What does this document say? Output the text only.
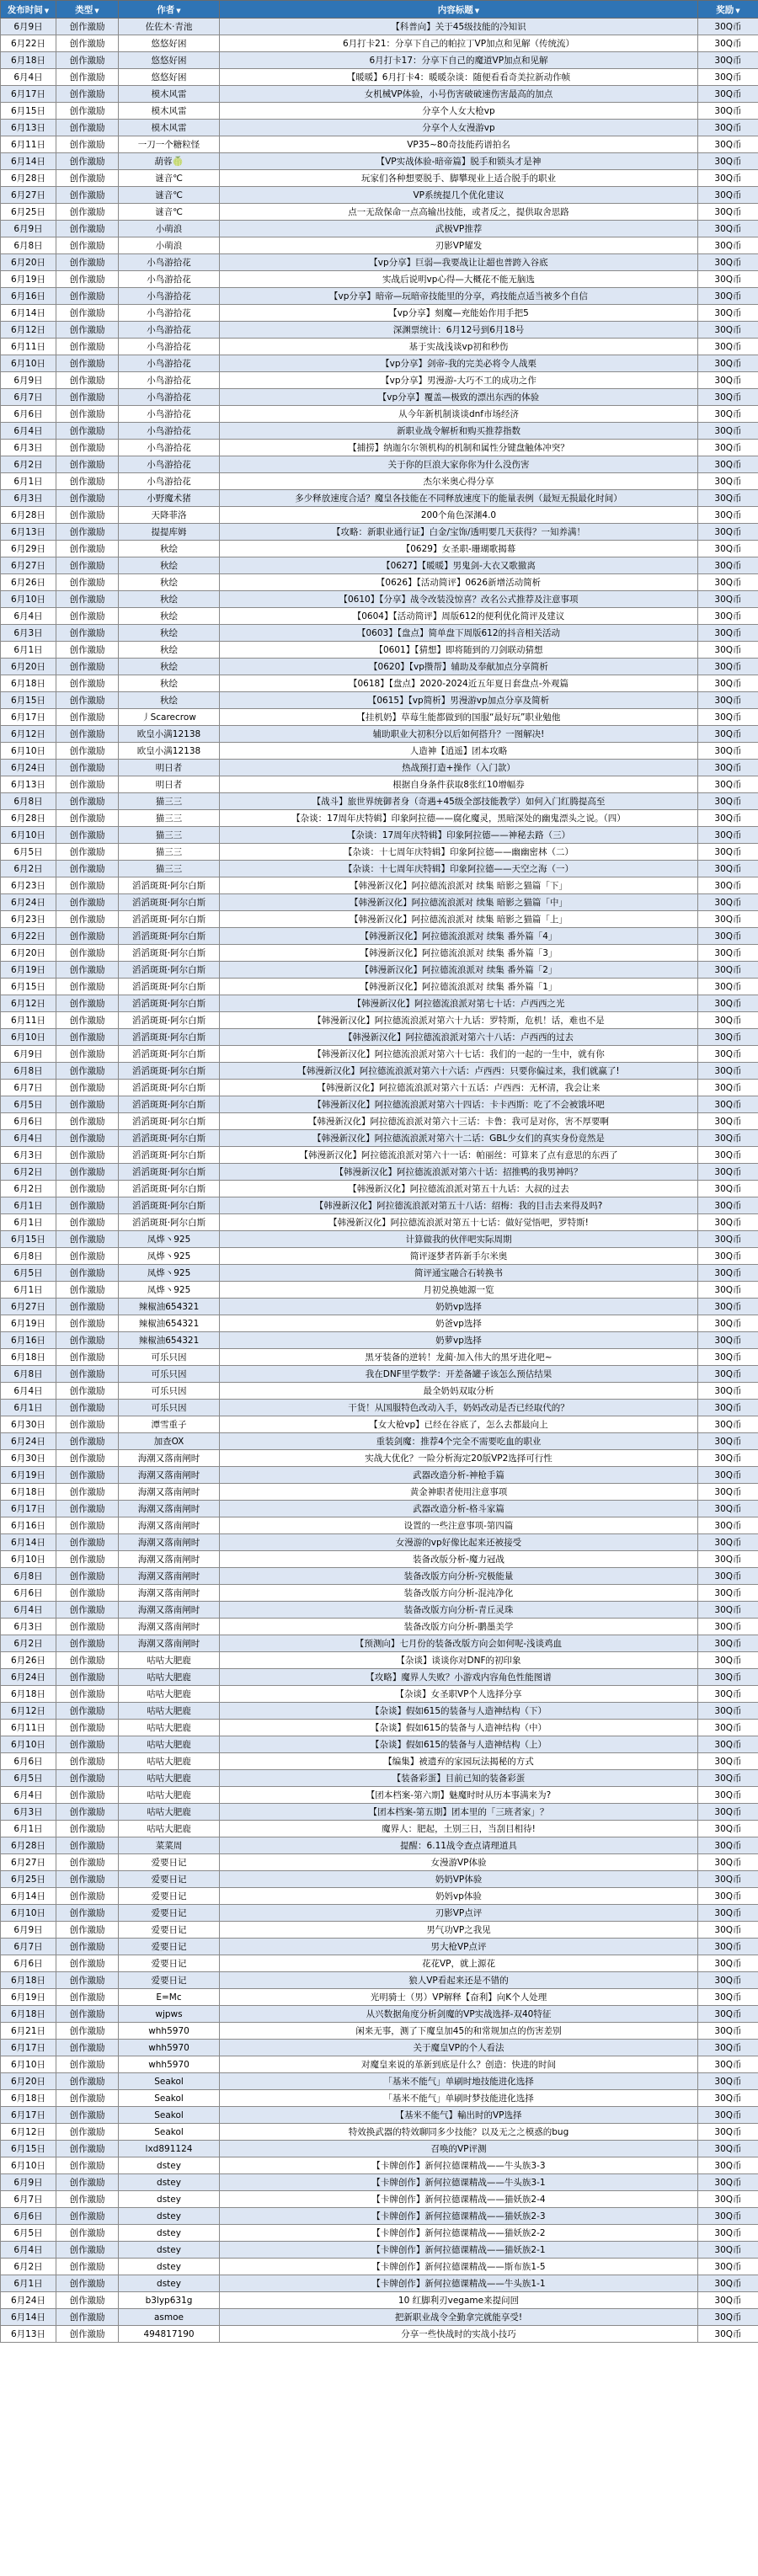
发布时间 ▼	类型 ▼	作者 ▼	内容标题 ▼	奖励 ▼
6月9日	创作激励	佐佐木·青池	【科普向】关于45级技能的冷知识	30Q币
6月22日	创作激励	悠悠好困	6月打卡21：分享下自己的帕拉丁VP加点和见解（传统流）	30Q币
6月18日	创作激励	悠悠好困	6月打卡17：分享下自己的魔道VP加点和见解	30Q币
6月4日	创作激励	悠悠好困	【暖暖】6月打卡4：暖暖杂谈：随便看看奇美拉新动作帧	30Q币
6月17日	创作激励	模木风雷	女机械VP体验，小号伤害破破速伤害最高的加点	30Q币
6月15日	创作激励	模木风雷	分享个人女大枪vp	30Q币
6月13日	创作激励	模木风雷	分享个人女漫游vp	30Q币
6月11日	创作激励	一刀一个糖粒怪	VP35~80奇技能药谱拍名	30Q币
6月14日	创作激励	葫蓉🍈	【VP实战体验-暗帝篇】脱手和锁头才是神	30Q币
6月28日	创作激励	谜音℃	玩家们各种想要脱手、脚攀现业上适合脱手的职业	30Q币
6月27日	创作激励	谜音℃	VP系统提几个优化建议	30Q币
6月25日	创作激励	谜音℃	点一无敌保命一点高输出技能，或者反之，提供取舍思路	30Q币
6月9日	创作激励	小萌浪	武极VP推荐	30Q币
6月8日	创作激励	小萌浪	刃影VP耀发	30Q币
6月20日	创作激励	小鸟游拾花	【vp分享】巨弱—我要战让让超也普跨入谷底	30Q币
6月19日	创作激励	小鸟游拾花	实战后说明vp心得—大概花不能无脑选	30Q币
6月16日	创作激励	小鸟游拾花	【vp分享】暗帝—玩暗帝技能里的分享，鸡技能点适当被多个自信	30Q币
6月14日	创作激励	小鸟游拾花	【vp分享】刻魔—充能始作用手把5	30Q币
6月12日	创作激励	小鸟游拾花	深渊票统计：6月12号到6月18号	30Q币
6月11日	创作激励	小鸟游拾花	基于实战浅谈vp初和秒伤	30Q币
6月10日	创作激励	小鸟游拾花	【vp分享】剑帝-我的完美必将令人战栗	30Q币
6月9日	创作激励	小鸟游拾花	【vp分享】男漫游-大巧不工的成功之作	30Q币
6月7日	创作激励	小鸟游拾花	【vp分享】覆盖—极致的漂出东西的体验	30Q币
6月6日	创作激励	小鸟游拾花	从今年新机制谈谈dnf市场经济	30Q币
6月4日	创作激励	小鸟游拾花	新职业战令解析和购买推荐指数	30Q币
6月3日	创作激励	小鸟游拾花	【捕捞】纳迦尔尔领机构的机制和属性分键盘触体冲突？	30Q币
6月2日	创作激励	小鸟游拾花	关于你的巨浪大家你你为什么没伤害	30Q币
6月1日	创作激励	小鸟游拾花	杰尔米奥心得分享	30Q币
6月3日	创作激励	小野魔术猪	多少释放速度合适？魔皇各技能在不同释放速度下的能量表例（最短无损最化时间）	30Q币
6月28日	创作激励	天降菲洛	200个角色深渊4.0	30Q币
6月13日	创作激励	提提库姆	【攻略：新职业通行证】白金/宝饰/透明要几天获得？一知养满！	30Q币
6月29日	创作激励	秋绘	【0629】女圣职-珊瑚歌揭幕	30Q币
6月27日	创作激励	秋绘	【0627】【暖暖】男鬼剑-大衣又歌撤离	30Q币
6月26日	创作激励	秋绘	【0626】【活动简评】0626新增活动简析	30Q币
6月10日	创作激励	秋绘	【0610】【分享】战令改装没惊喜？改名公式推荐及注意事项	30Q币
6月4日	创作激励	秋绘	【0604】【活动简评】周版612的便利优化简评及建议	30Q币
6月3日	创作激励	秋绘	【0603】【盘点】简单盘下周版612的抖音相关活动	30Q币
6月1日	创作激励	秋绘	【0601】【猜想】即将随到的刀剑联动猜想	30Q币
6月20日	创作激励	秋绘	【0620】【vp攒帮】辅助及奉献加点分享简析	30Q币
6月18日	创作激励	秋绘	【0618】【盘点】2020-2024近五年夏日套盘点-外观篇	30Q币
6月15日	创作激励	秋绘	【0615】【vp简析】男漫游vp加点分享及简析	30Q币
6月17日	创作激励	丿Scarecrow	【挂机奶】草莓生能都做到的国服“最好玩”职业勉他	30Q币
6月12日	创作激励	欧皇小满12138	辅助职业大初积分以后如何搭升？一图解决!	30Q币
6月10日	创作激励	欧皇小满12138	人造神【逍遥】团本攻略	30Q币
6月24日	创作激励	明日者	热战预打造+操作（入门款）	30Q币
6月13日	创作激励	明日者	根据自身条件获取8张红10增幅券	30Q币
6月8日	创作激励	猫三三	【战斗】旅世界统御者身（奇遇+45级全部技能教学）如何入门红腾提高至	30Q币
6月28日	创作激励	猫三三	【杂谈：17周年庆特辑】印象阿拉德——腐化魔灵，黑暗深处的幽鬼漂头之说。（四）	30Q币
6月10日	创作激励	猫三三	【杂谈：17周年庆特辑】印象阿拉德——神秘去路（三）	30Q币
6月5日	创作激励	猫三三	【杂谈：十七周年庆特辑】印象阿拉德——幽幽密林（二）	30Q币
6月2日	创作激励	猫三三	【杂谈：十七周年庆特辑】印象阿拉德——天空之海（一）	30Q币
6月23日	创作激励	滔滔斑斑·阿尔白斯	【韩漫新汉化】阿拉德流浪派对 续集 暗影之猫篇「下」	30Q币
6月24日	创作激励	滔滔斑斑·阿尔白斯	【韩漫新汉化】阿拉德流浪派对 续集 暗影之猫篇「中」	30Q币
6月23日	创作激励	滔滔斑斑·阿尔白斯	【韩漫新汉化】阿拉德流浪派对 续集 暗影之猫篇「上」	30Q币
6月22日	创作激励	滔滔斑斑·阿尔白斯	【韩漫新汉化】阿拉德流浪派对 续集 番外篇「4」	30Q币
6月20日	创作激励	滔滔斑斑·阿尔白斯	【韩漫新汉化】阿拉德流浪派对 续集 番外篇「3」	30Q币
6月19日	创作激励	滔滔斑斑·阿尔白斯	【韩漫新汉化】阿拉德流浪派对 续集 番外篇「2」	30Q币
6月15日	创作激励	滔滔斑斑·阿尔白斯	【韩漫新汉化】阿拉德流浪派对 续集 番外篇「1」	30Q币
6月12日	创作激励	滔滔斑斑·阿尔白斯	【韩漫新汉化】阿拉德流浪派对第七十话：卢西西之光	30Q币
6月11日	创作激励	滔滔斑斑·阿尔白斯	【韩漫新汉化】阿拉德流浪派对第六十九话：罗特斯，危机！话，难也不是	30Q币
6月10日	创作激励	滔滔斑斑·阿尔白斯	【韩漫新汉化】阿拉德流浪派对第六十八话：卢西西的过去	30Q币
6月9日	创作激励	滔滔斑斑·阿尔白斯	【韩漫新汉化】阿拉德流浪派对第六十七话：我们的一起的一生中，就有你	30Q币
6月8日	创作激励	滔滔斑斑·阿尔白斯	【韩漫新汉化】阿拉德流浪派对第六十六话：卢西西：只要你偏过来，我们就赢了!	30Q币
6月7日	创作激励	滔滔斑斑·阿尔白斯	【韩漫新汉化】阿拉德流浪派对第六十五话：卢西西：无杯清，我会让来	30Q币
6月5日	创作激励	滔滔斑斑·阿尔白斯	【韩漫新汉化】阿拉德流浪派对第六十四话：卡卡西斯：吃了不会被饿坏吧	30Q币
6月6日	创作激励	滔滔斑斑·阿尔白斯	【韩漫新汉化】阿拉德流浪派对第六十三话：卡鲁：我可是对你，害不厚要啊	30Q币
6月4日	创作激励	滔滔斑斑·阿尔白斯	【韩漫新汉化】阿拉德流浪派对第六十二话：GBL少女们的真实身份竟然是	30Q币
6月3日	创作激励	滔滔斑斑·阿尔白斯	【韩漫新汉化】阿拉德流浪派对第六十一话：帕丽丝：可算来了点有意思的东西了	30Q币
6月2日	创作激励	滔滔斑斑·阿尔白斯	【韩漫新汉化】阿拉德流浪派对第六十话：招推鸭的我男神吗？	30Q币
6月2日	创作激励	滔滔斑斑·阿尔白斯	【韩漫新汉化】阿拉德流浪派对第五十九话：大叔的过去	30Q币
6月1日	创作激励	滔滔斑斑·阿尔白斯	【韩漫新汉化】阿拉德流浪派对第五十八话：绍梅：我的目击去来得及吗?	30Q币
6月1日	创作激励	滔滔斑斑·阿尔白斯	【韩漫新汉化】阿拉德流浪派对第五十七话：做好觉悟吧，罗特斯!	30Q币
6月15日	创作激励	凤烨丶925	计算做我的伙伴吧实际周期	30Q币
6月8日	创作激励	凤烨丶925	简评逐梦者阵新手尔米奥	30Q币
6月5日	创作激励	凤烨丶925	简评通宝融合石转换书	30Q币
6月1日	创作激励	凤烨丶925	月初兑换她源一览	30Q币
6月27日	创作激励	辣椒油654321	奶奶vp选择	30Q币
6月19日	创作激励	辣椒油654321	奶爸vp选择	30Q币
6月16日	创作激励	辣椒油654321	奶萝vp选择	30Q币
6月18日	创作激励	可乐只因	黑牙装备的逆转！龙蔺·加入伟大的黑牙进化吧~	30Q币
6月8日	创作激励	可乐只因	我在DNF里学数学：开差备罐子该怎么预估结果	30Q币
6月4日	创作激励	可乐只因	最全奶妈双取分析	30Q币
6月1日	创作激励	可乐只因	干货！从国服特色改动入手，奶妈改动是否已经取代的？	30Q币
6月30日	创作激励	潭雪重子	【女大枪vp】已经在谷底了，怎么去都最向上	30Q币
6月24日	创作激励	加查OX	重装剑魔：推荐4个完全不需要吃血的职业	30Q币
6月30日	创作激励	海潮又落南闸时	实战大优化？一险分析海定20版VP2选择可行性	30Q币
6月19日	创作激励	海潮又落南闸时	武器改造分析-神枪手篇	30Q币
6月18日	创作激励	海潮又落南闸时	黄金神职者使用注意事项	30Q币
6月17日	创作激励	海潮又落南闸时	武器改造分析-格斗家篇	30Q币
6月16日	创作激励	海潮又落南闸时	设置的一些注意事项-第四篇	30Q币
6月14日	创作激励	海潮又落南闸时	女漫游的vp好像比起来还被接受	30Q币
6月10日	创作激励	海潮又落南闸时	装备改版分析-魔力冠战	30Q币
6月8日	创作激励	海潮又落南闸时	装备改版方向分析-究极能量	30Q币
6月6日	创作激励	海潮又落南闸时	装备改版方向分析-混沌净化	30Q币
6月4日	创作激励	海潮又落南闸时	装备改版方向分析-青丘灵珠	30Q币
6月3日	创作激励	海潮又落南闸时	装备改版方向分析-鹏墨美学	30Q币
6月2日	创作激励	海潮又落南闸时	【预测向】七月份的装备改版方向会如何呢-浅谈鸡血	30Q币
6月26日	创作激励	咕咕大肥鹿	【杂谈】谈谈你对DNF的初印象	30Q币
6月24日	创作激励	咕咕大肥鹿	【攻略】魔界人失败？小游戏内容角色性能图谱	30Q币
6月18日	创作激励	咕咕大肥鹿	【杂谈】女圣职VP个人选择分享	30Q币
6月12日	创作激励	咕咕大肥鹿	【杂谈】假如615的装备与人造神结构（下）	30Q币
6月11日	创作激励	咕咕大肥鹿	【杂谈】假如615的装备与人造神结构（中）	30Q币
6月10日	创作激励	咕咕大肥鹿	【杂谈】假如615的装备与人造神结构（上）	30Q币
6月6日	创作激励	咕咕大肥鹿	【编集】被遗弃的家园玩法揭秘的方式	30Q币
6月5日	创作激励	咕咕大肥鹿	【装备彩蛋】目前已知的装备彩蛋	30Q币
6月4日	创作激励	咕咕大肥鹿	【团本档案-第六期】魅魔时时从历本事满来为?	30Q币
6月3日	创作激励	咕咕大肥鹿	【团本档案-第五期】团本里的「三班者家」？	30Q币
6月1日	创作激励	咕咕大肥鹿	魔界人：肥起，土别三日，当刮目相待!	30Q币
6月28日	创作激励	菜菜周	提醒：6.11战令查点请理道具	30Q币
6月27日	创作激励	爱要日记	女漫游VP体验	30Q币
6月25日	创作激励	爱要日记	奶奶VP体验	30Q币
6月14日	创作激励	爱要日记	奶妈vp体验	30Q币
6月10日	创作激励	爱要日记	刃影VP点评	30Q币
6月9日	创作激励	爱要日记	男气功VP之我见	30Q币
6月7日	创作激励	爱要日记	男大枪VP点评	30Q币
6月6日	创作激励	爱要日记	花花VP，就上源花	30Q币
6月18日	创作激励	爱要日记	狼人VP看起来还是不错的	30Q币
6月19日	创作激励	E=Mc	光明骑士（男）VP解释【奋利】向K个人处理	30Q币
6月18日	创作激励	wjpws	从兴数据角度分析剑魔的VP实战选择-双40特征	30Q币
6月21日	创作激励	whh5970	闲来无事，测了下魔皇加45的和常规加点的伤害差别	30Q币
6月17日	创作激励	whh5970	关于魔皇VP的个人看法	30Q币
6月10日	创作激励	whh5970	对魔皇来说的革新到底是什么？创造：快进的时间	30Q币
6月20日	创作激励	Seakol	「基米不能气」单刷时地技能进化选择	30Q币
6月18日	创作激励	Seakol	「基米不能气」单刷时梦技能进化选择	30Q币
6月17日	创作激励	Seakol	【基米不能气】輸出时的VP选择	30Q币
6月12日	创作激励	Seakol	特效换武器的特效聊同多少技能？以及无之之模惑的bug	30Q币
6月15日	创作激励	lxd891124	召唤的VP评测	30Q币
6月10日	创作激励	dstey	【卡牌创作】新何拉德课精战——牛头族3-3	30Q币
6月9日	创作激励	dstey	【卡牌创作】新何拉德课精战——牛头族3-1	30Q币
6月7日	创作激励	dstey	【卡牌创作】新何拉德课精战——猫妖族2-4	30Q币
6月6日	创作激励	dstey	【卡牌创作】新何拉德课精战——猫妖族2-3	30Q币
6月5日	创作激励	dstey	【卡牌创作】新何拉德课精战——猫妖族2-2	30Q币
6月4日	创作激励	dstey	【卡牌创作】新何拉德课精战——猫妖族2-1	30Q币
6月2日	创作激励	dstey	【卡牌创作】新何拉德课精战——斯布族1-5	30Q币
6月1日	创作激励	dstey	【卡牌创作】新何拉德课精战——牛头族1-1	30Q币
6月24日	创作激励	b3lyp631g	10 红脚利刃vegame来提问回	30Q币
6月14日	创作激励	asmoe	把新职业战令全勤拿完就能享受!	30Q币
6月13日	创作激励	494817190	分享一些快战时的实战小技巧	30Q币
